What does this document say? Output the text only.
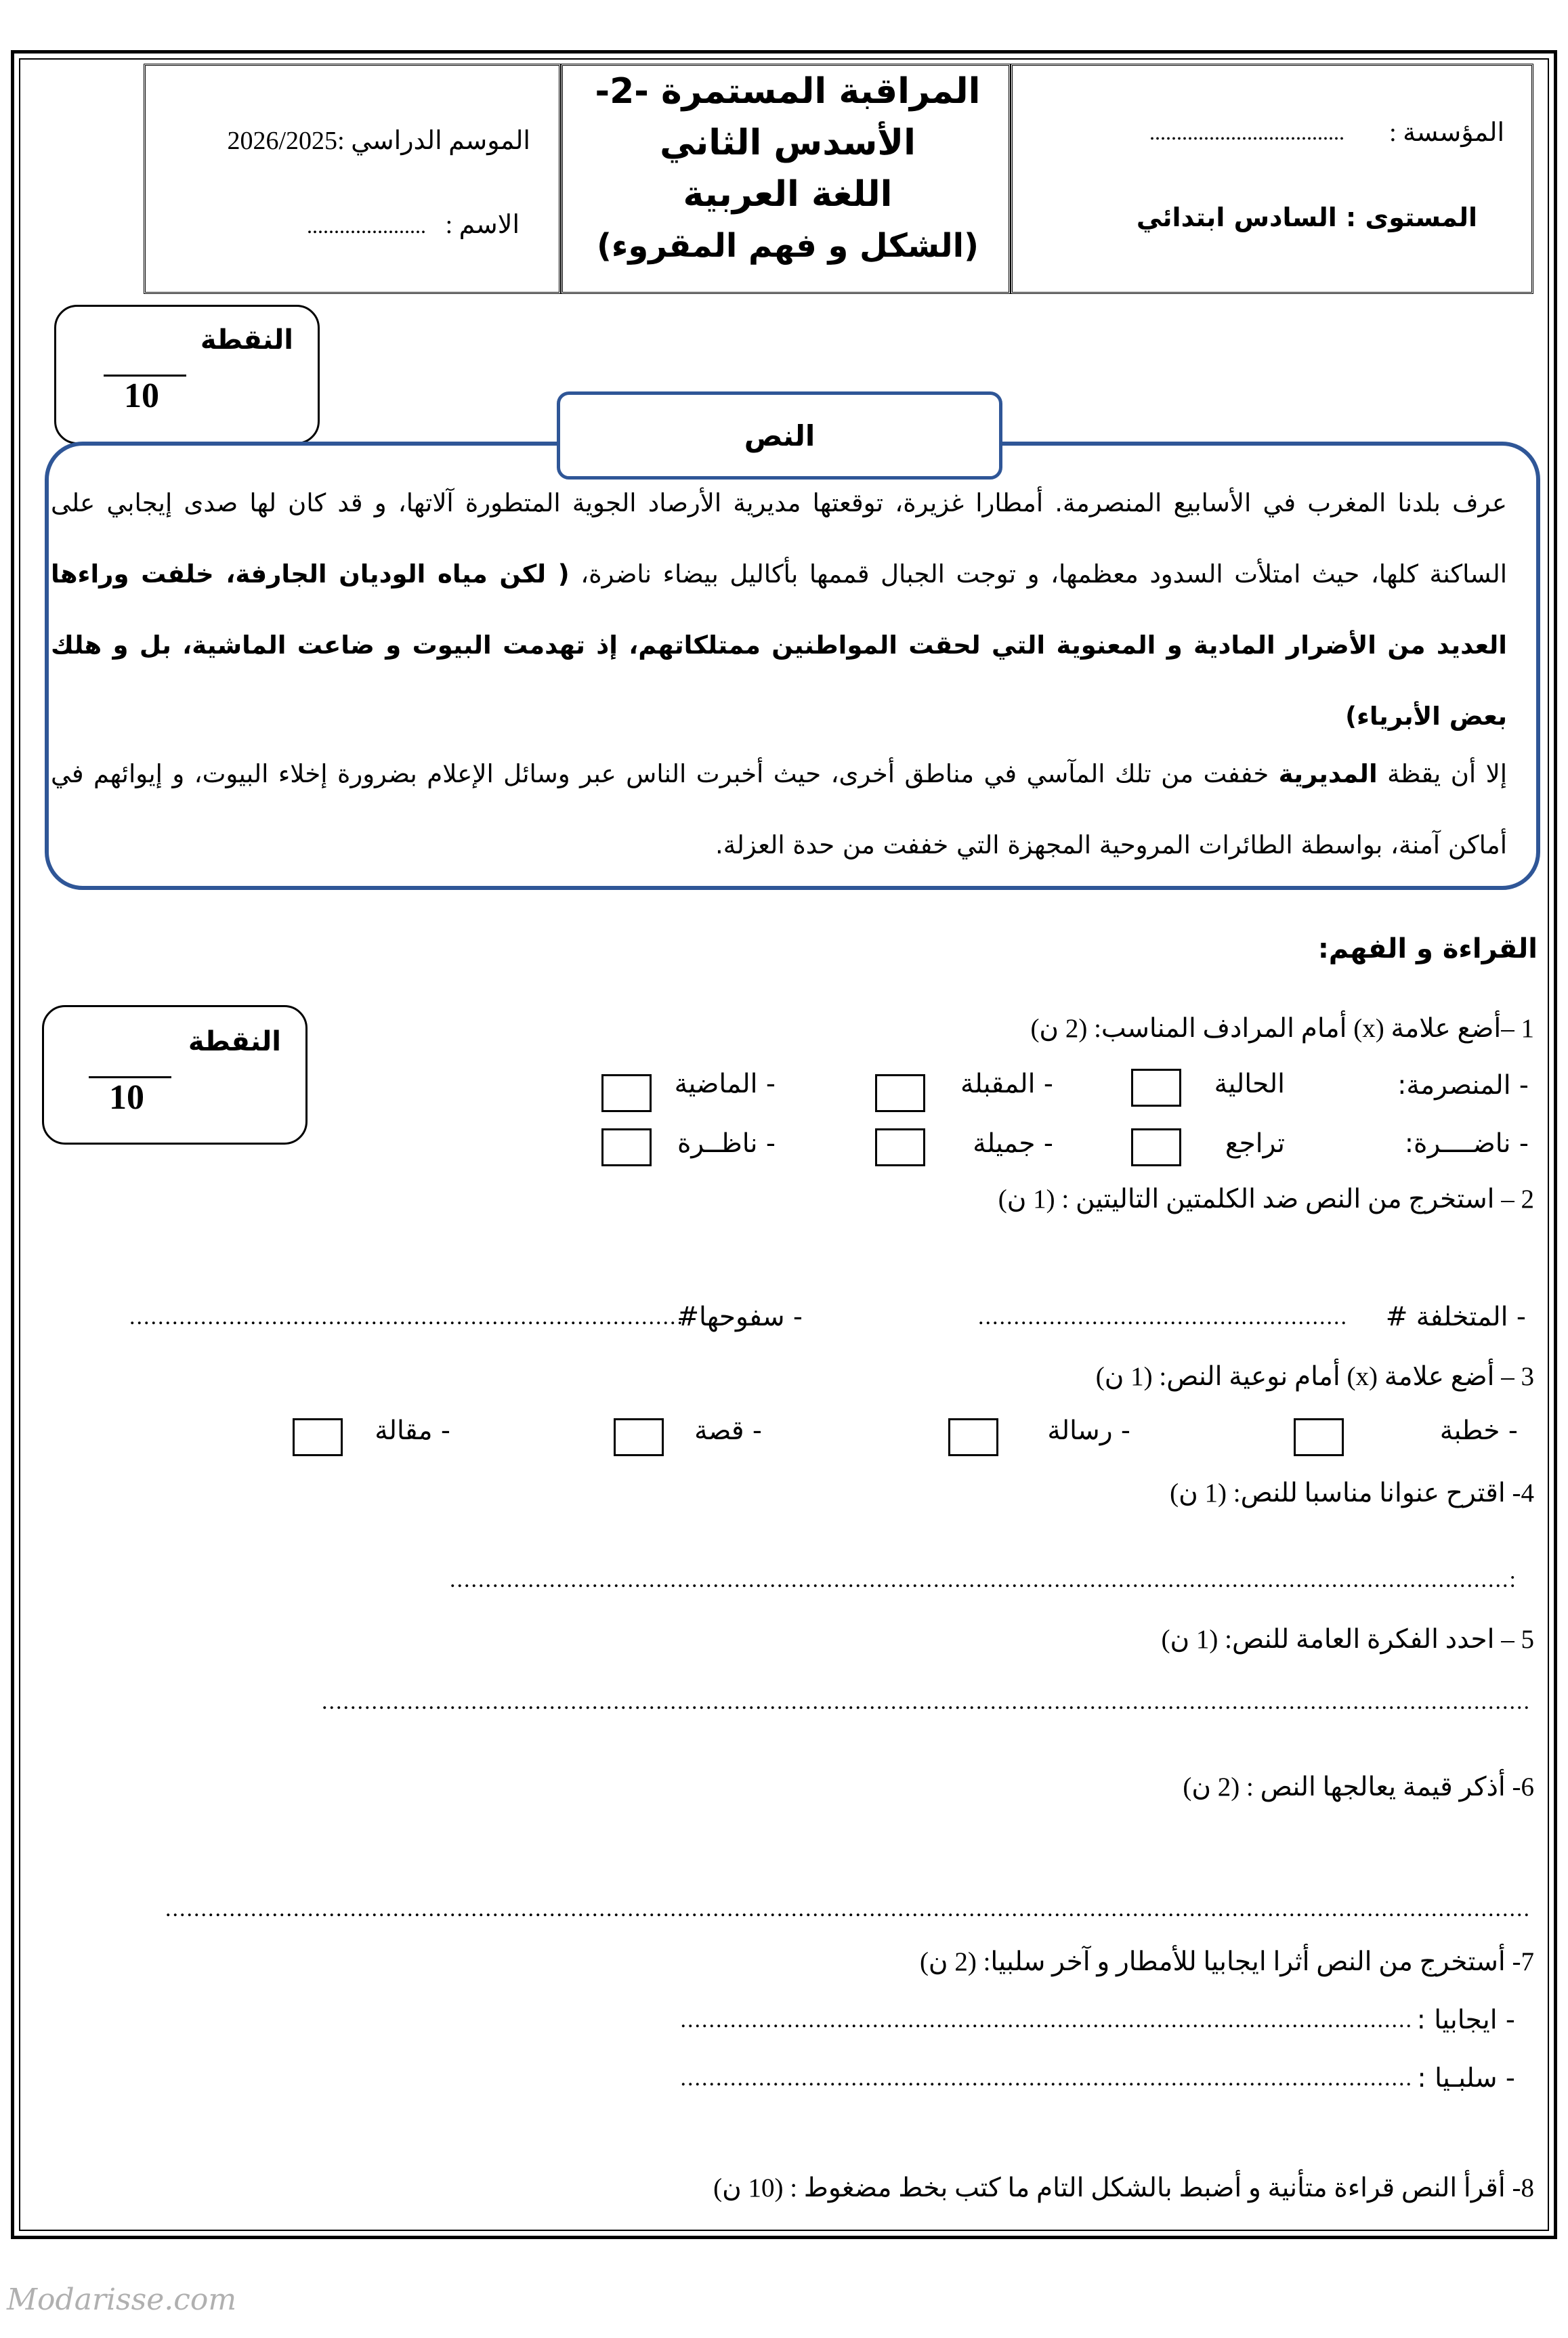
المؤسسة :
....................................
المستوى : السادس ابتدائي
المراقبة المستمرة -2-
الأسدس الثاني
اللغة العربية
(الشكل و فهم المقروء)
الموسم الدراسي :2026/2025
الاسم :
......................
النقطة
10
النص
عرف بلدنا المغرب في الأسابيع المنصرمة. أمطارا غزيرة، توقعتها مديرية الأرصاد الجوية المتطورة آلاتها، و قد كان لها صدى إيجابي على الساكنة كلها، حيث امتلأت السدود معظمها، و توجت الجبال قممها بأكاليل بيضاء ناضرة، ( لكن مياه الوديان الجارفة، خلفت وراءها العديد من الأضرار المادية و المعنوية التي لحقت المواطنين ممتلكاتهم، إذ تهدمت البيوت و ضاعت الماشية، بل و هلك بعض الأبرياء)
إلا أن يقظة المديرية خففت من تلك المآسي في مناطق أخرى، حيث أخبرت الناس عبر وسائل الإعلام بضرورة إخلاء البيوت، و إيوائهم في أماكن آمنة، بواسطة الطائرات المروحية المجهزة التي خففت من حدة العزلة.
القراءة و الفهم:
النقطة
10
1 –أضع علامة (x) أمام المرادف المناسب: (2 ن)
- المنصرمة:
الحالية
- المقبلة
- الماضية
- ناضــــرة:
تراجع
- جميلة
- ناظــرة
2 – استخرج من النص ضد الكلمتين التاليتين : (1 ن)
- المتخلفة #
....................................................
- سفوحها#
..............................................................................
3 – أضع علامة (x) أمام نوعية النص: (1 ن)
- خطبة
- رسالة
- قصة
- مقالة
4- اقترح عنوانا مناسبا للنص: (1 ن)
:.....................................................................................................................................................
5 – احدد الفكرة العامة للنص: (1 ن)
..........................................................................................................................................................................
6- أذكر قيمة يعالجها النص : (2 ن)
................................................................................................................................................................................................
7- أستخرج من النص أثرا ايجابيا للأمطار و آخر سلبيا: (2 ن)
- ايجابيا :
.......................................................................................................
- سلبـيا :
.......................................................................................................
8- أقرأ النص قراءة متأنية و أضبط بالشكل التام ما كتب بخط مضغوط : (10 ن)
Modarisse.com
